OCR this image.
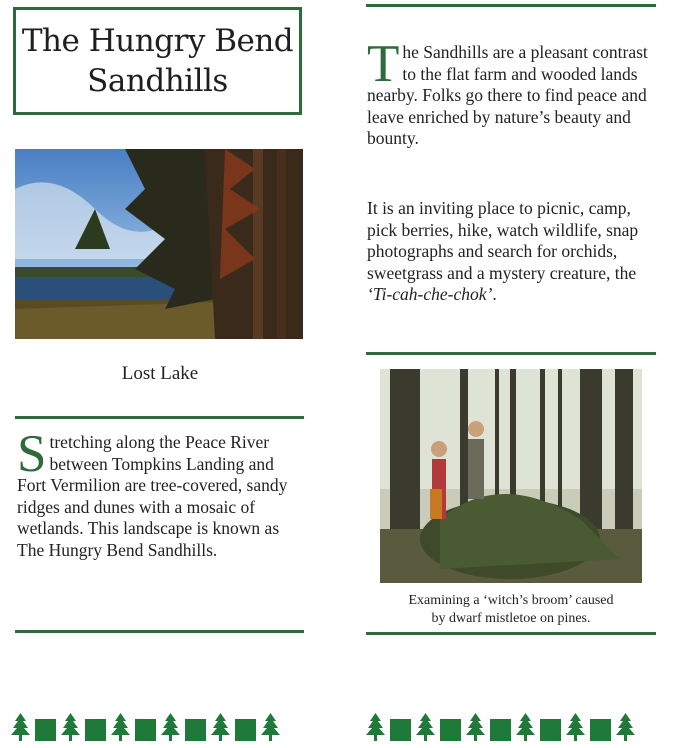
The Hungry Bend
Sandhills
Lost Lake

Stretching along the Peace River between Tompkins Landing and Fort Vermilion are tree-covered, sandy ridges and dunes with a mosaic of wetlands. This landscape is known as The Hungry Bend Sandhills.

The Sandhills are a pleasant contrast to the flat farm and wooded lands nearby. Folks go there to find peace and leave enriched by nature’s beauty and bounty.

It is an inviting place to picnic, camp, pick berries, hike, watch wildlife, snap photographs and search for orchids, sweetgrass and a mystery creature, the ‘Ti-cah-che-chok’.

Examining a ‘witch’s broom’ caused
by dwarf mistletoe on pines.
